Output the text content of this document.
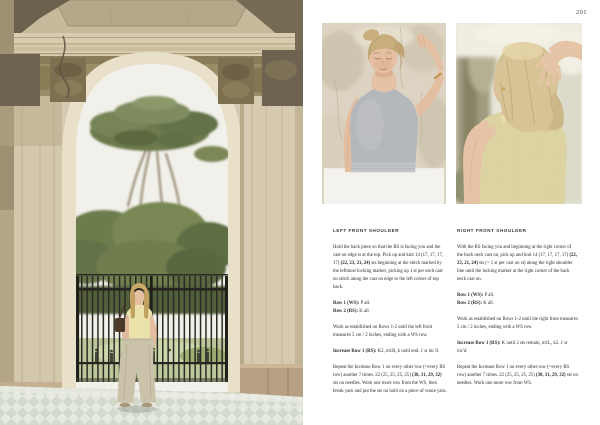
201
LEFT FRONT SHOULDER

Hold the back piece so that the RS is facing you and the cast on edge is at the top. Pick up and knit 14 (17, 17, 17, 17) (22, 23, 21, 24) sts beginning at the stitch marked by the leftmost locking marker, picking up 1 st per each cast on stitch along the cast on edge to the left corner of top back.

Row 1 (WS): P all.

Row 2 (RS): K all.

Work as established on Rows 1-2 until the left front measures 5 cm / 2 inches, ending with a WS row.

Increase Row 1 (RS): K2, m1R, k until end. 1 st inc'd.

Repeat the Increase Row 1 on every other row (=every RS row) another 7 times. 22 (25, 25, 25, 25) (30, 31, 29, 32) sts on needles. Work one more row from the WS, then break yarn and put the sts on hold on a piece of waste yarn.

RIGHT FRONT SHOULDER

With the RS facing you and beginning at the right corner of the back neck cast on, pick up and knit 14 (17, 17, 17, 17) (22, 23, 21, 24) sts (= 1 st per cast on st) along the right shoulder line until the locking marker at the right corner of the back neck cast on.

Row 1 (WS): P all.

Row 2 (RS): K all.

Work as established on Rows 1-2 until the right front measures 5 cm / 2 inches, ending with a WS row.

Increase Row 1 (RS): K until 2 sts remain, m1L, k2. 1 st inc'd.

Repeat the Increase Row 1 on every other row (=every RS row) another 7 times. 22 (25, 25, 25, 25) (30, 31, 29, 32) sts on needles. Work one more row from WS.
